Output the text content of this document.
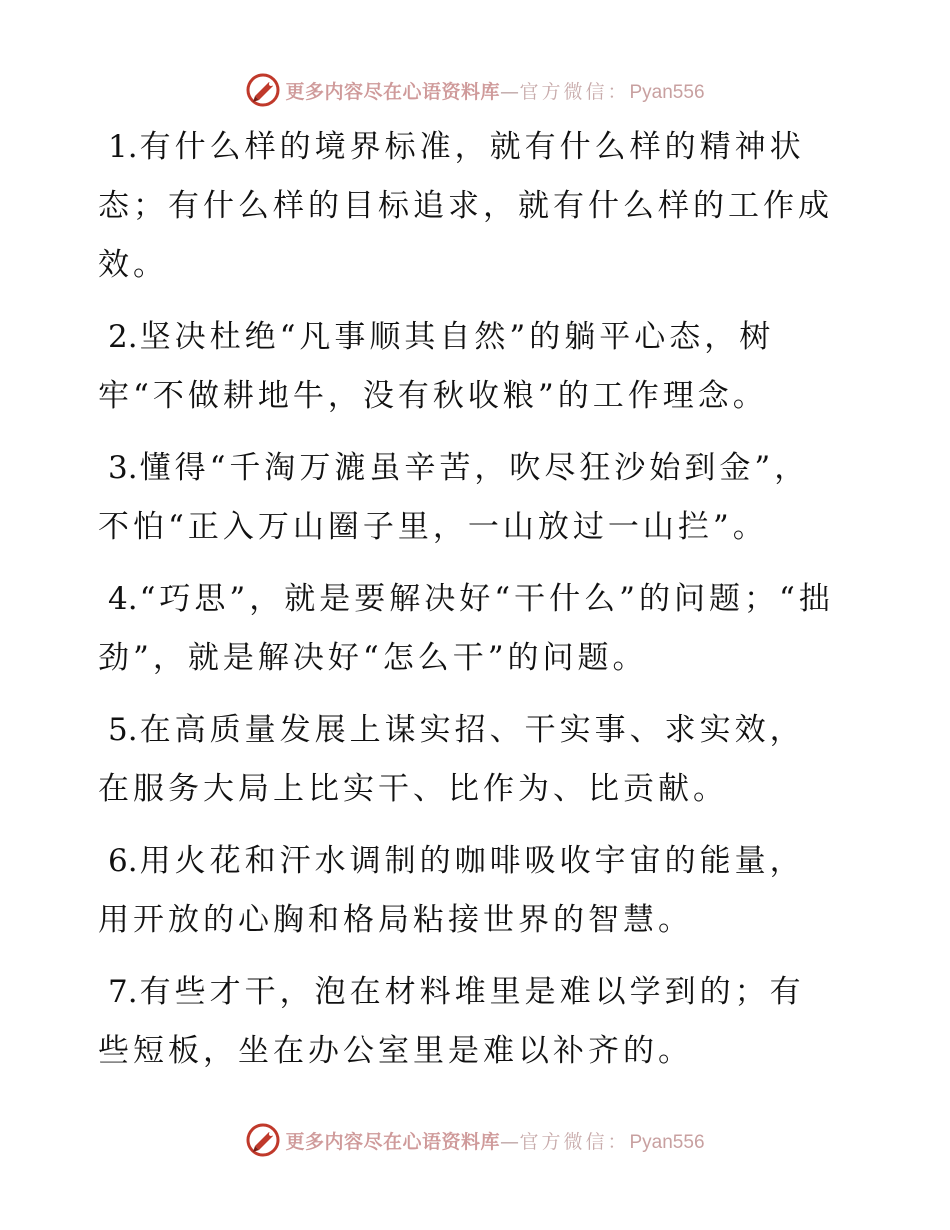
更多内容尽在心语资料库—官方微信：Pyan556

1.有什么样的境界标准，就有什么样的精神状态；有什么样的目标追求，就有什么样的工作成效。

2.坚决杜绝“凡事顺其自然”的躺平心态，树牢“不做耕地牛，没有秋收粮”的工作理念。

3.懂得“千淘万漉虽辛苦，吹尽狂沙始到金”，不怕“正入万山圈子里，一山放过一山拦”。

4.“巧思”，就是要解决好“干什么”的问题；“拙劲”，就是解决好“怎么干”的问题。

5.在高质量发展上谋实招、干实事、求实效，在服务大局上比实干、比作为、比贡献。

6.用火花和汗水调制的咖啡吸收宇宙的能量，用开放的心胸和格局粘接世界的智慧。

7.有些才干，泡在材料堆里是难以学到的；有些短板，坐在办公室里是难以补齐的。

更多内容尽在心语资料库—官方微信：Pyan556
